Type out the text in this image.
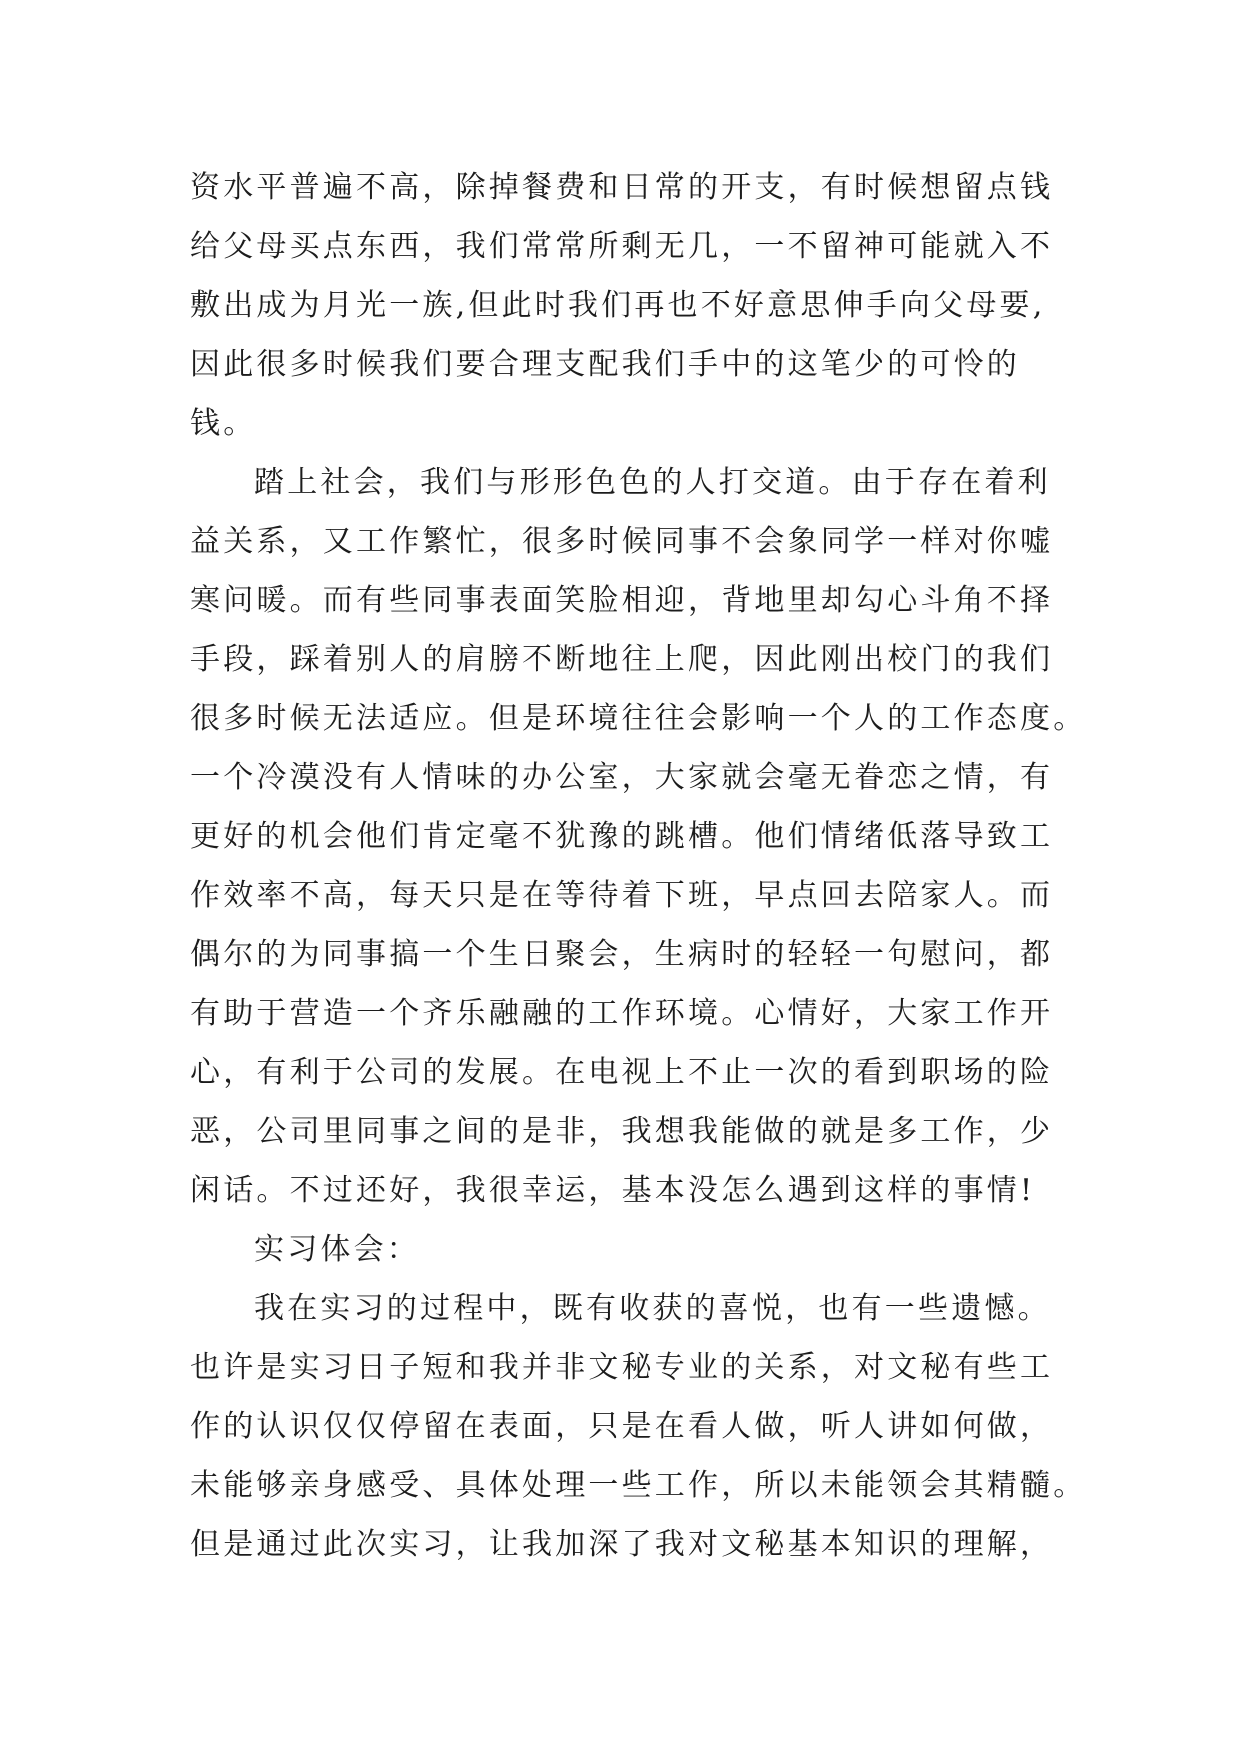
资水平普遍不高，除掉餐费和日常的开支，有时候想留点钱
给父母买点东西，我们常常所剩无几，一不留神可能就入不
敷出成为月光一族,但此时我们再也不好意思伸手向父母要,
因此很多时候我们要合理支配我们手中的这笔少的可怜的
钱。
踏上社会，我们与形形色色的人打交道。由于存在着利
益关系，又工作繁忙，很多时候同事不会象同学一样对你嘘
寒问暖。而有些同事表面笑脸相迎，背地里却勾心斗角不择
手段，踩着别人的肩膀不断地往上爬，因此刚出校门的我们
很多时候无法适应。但是环境往往会影响一个人的工作态度。
一个冷漠没有人情味的办公室，大家就会毫无眷恋之情，有
更好的机会他们肯定毫不犹豫的跳槽。他们情绪低落导致工
作效率不高，每天只是在等待着下班，早点回去陪家人。而
偶尔的为同事搞一个生日聚会，生病时的轻轻一句慰问，都
有助于营造一个齐乐融融的工作环境。心情好，大家工作开
心，有利于公司的发展。在电视上不止一次的看到职场的险
恶，公司里同事之间的是非，我想我能做的就是多工作，少
闲话。不过还好，我很幸运，基本没怎么遇到这样的事情!
实习体会：
我在实习的过程中，既有收获的喜悦，也有一些遗憾。
也许是实习日子短和我并非文秘专业的关系，对文秘有些工
作的认识仅仅停留在表面，只是在看人做，听人讲如何做，
未能够亲身感受、具体处理一些工作，所以未能领会其精髓。
但是通过此次实习，让我加深了我对文秘基本知识的理解，
